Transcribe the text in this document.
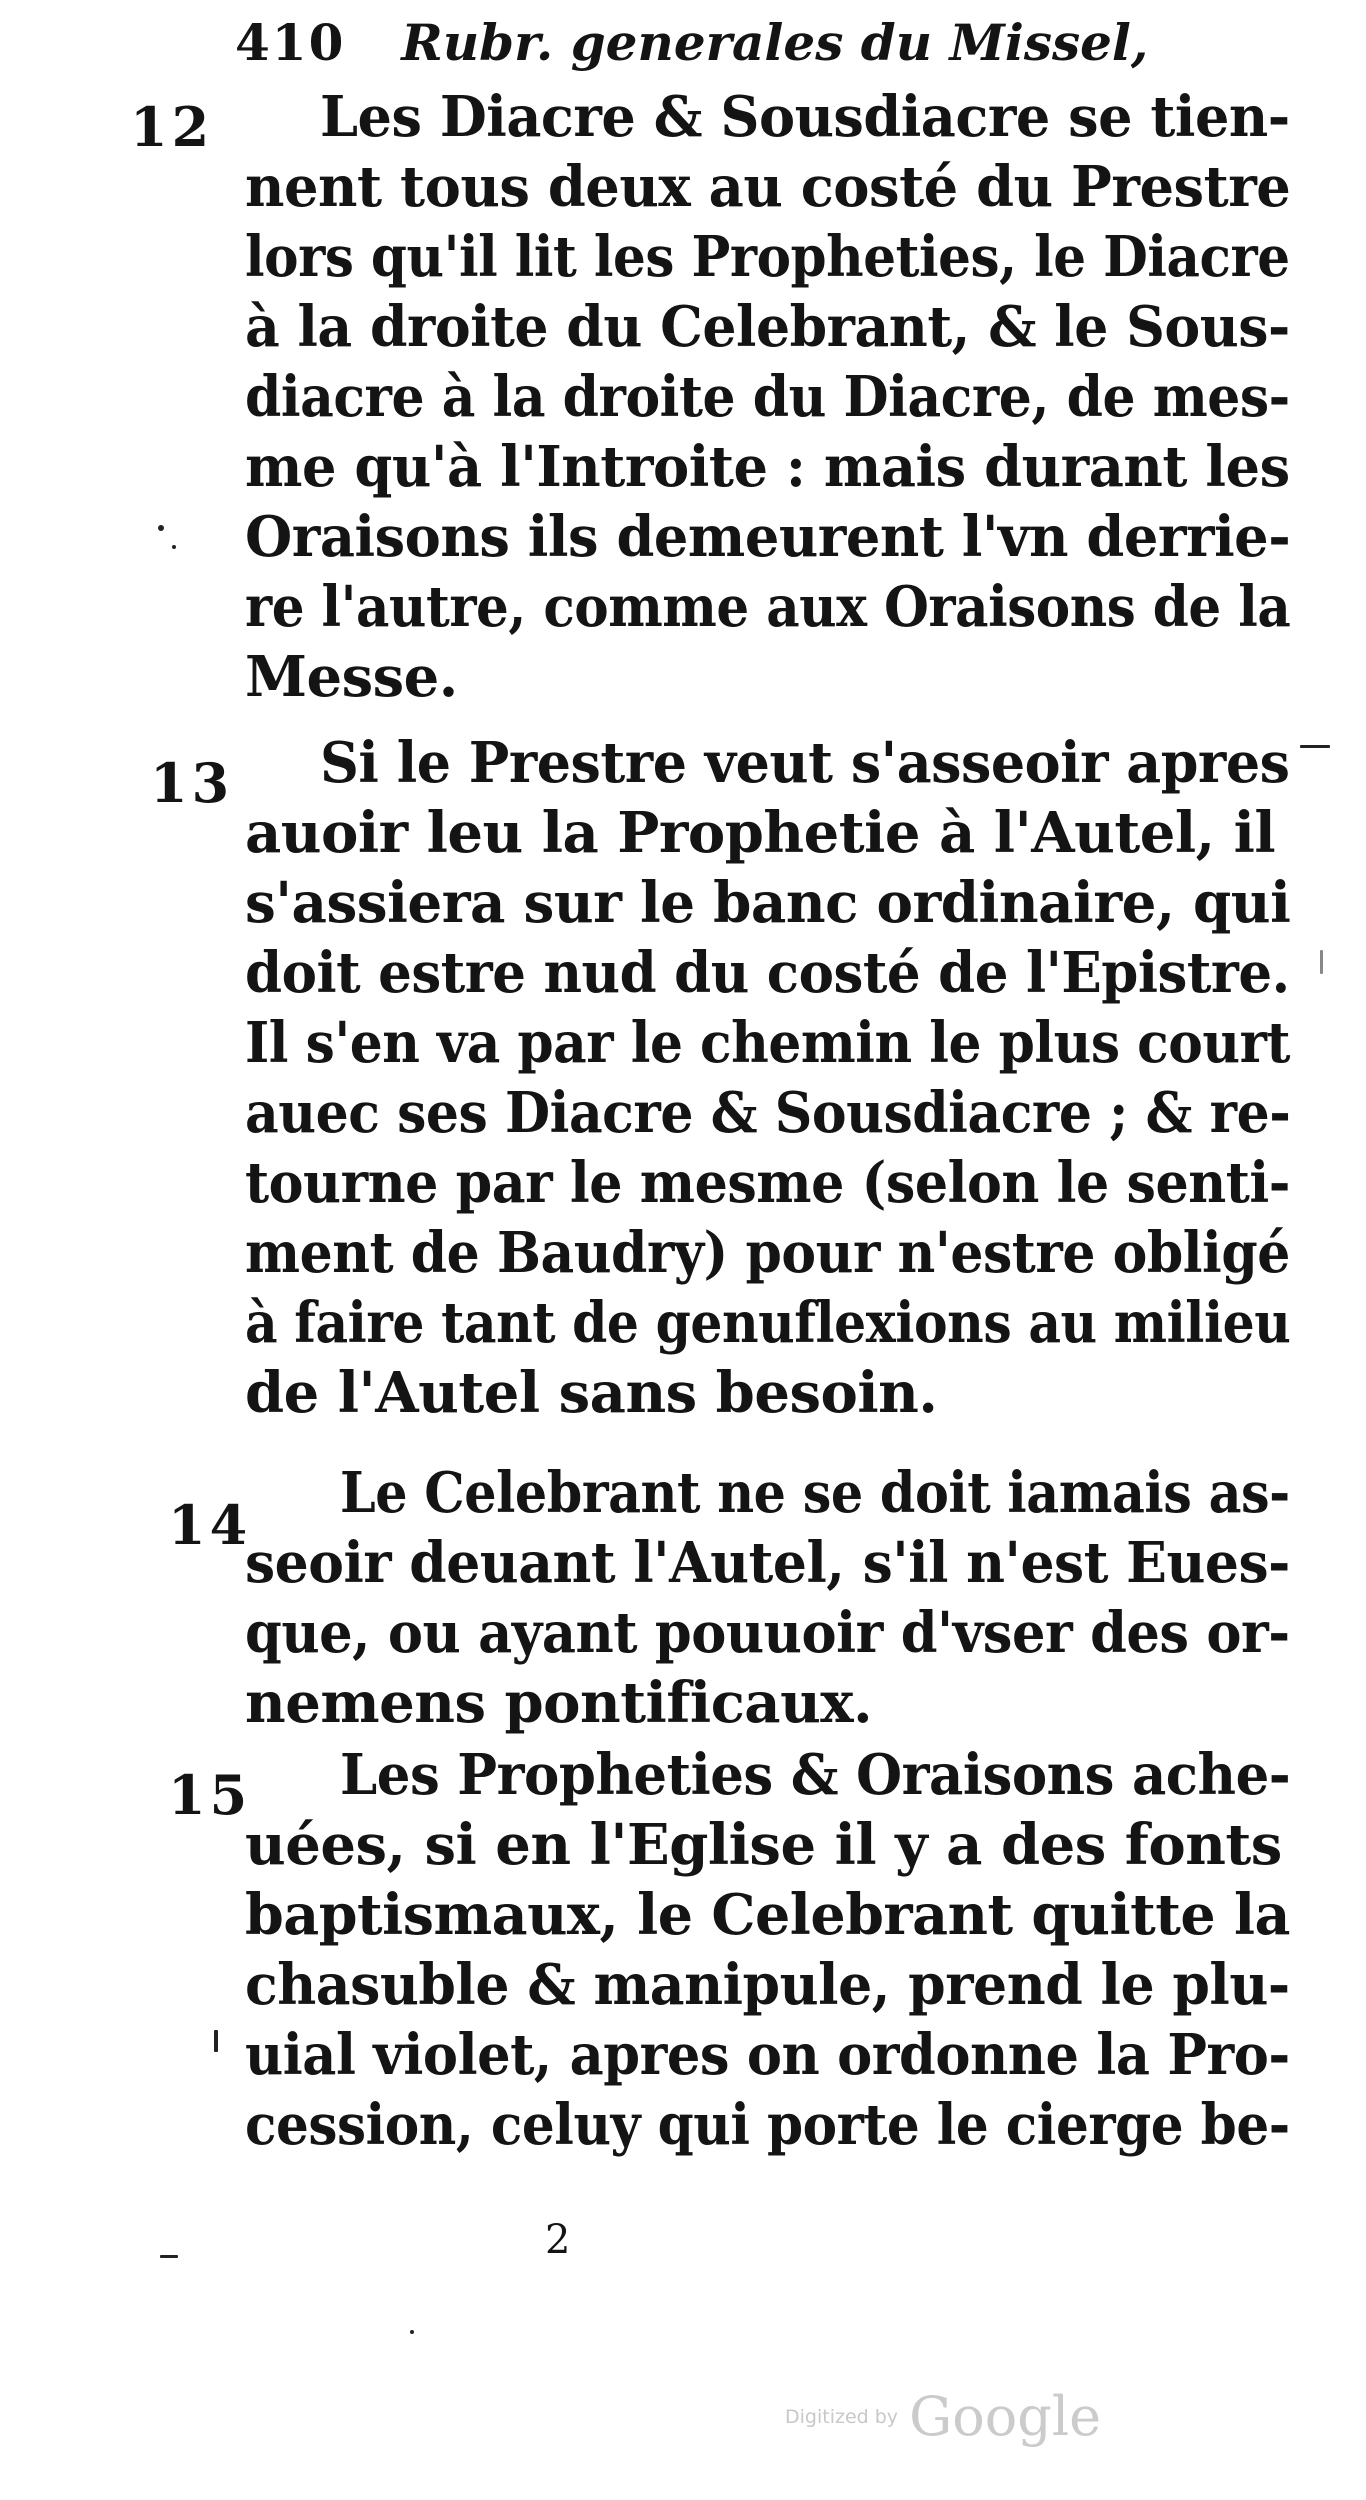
410 Rubr. generales du Missel,
12 Les Diacre & Sousdiacre se tien-
nent tous deux au costé du Prestre
lors qu'il lit les Propheties, le Diacre
à la droite du Celebrant, & le Sous-
diacre à la droite du Diacre, de mes-
me qu'à l'Introite : mais durant les
Oraisons ils demeurent l'vn derrie-
re l'autre, comme aux Oraisons de la
Messe.
13 Si le Prestre veut s'asseoir apres
auoir leu la Prophetie à l'Autel, il
s'assiera sur le banc ordinaire, qui
doit estre nud du costé de l'Epistre.
Il s'en va par le chemin le plus court
auec ses Diacre & Sousdiacre ; & re-
tourne par le mesme (selon le senti-
ment de Baudry) pour n'estre obligé
à faire tant de genuflexions au milieu
de l'Autel sans besoin.
14 Le Celebrant ne se doit iamais as-
seoir deuant l'Autel, s'il n'est Eues-
que, ou ayant pouuoir d'vser des or-
nemens pontificaux.
15 Les Propheties & Oraisons ache-
uées, si en l'Eglise il y a des fonts
baptismaux, le Celebrant quitte la
chasuble & manipule, prend le plu-
uial violet, apres on ordonne la Pro-
cession, celuy qui porte le cierge be-
2
Digitized by Google
